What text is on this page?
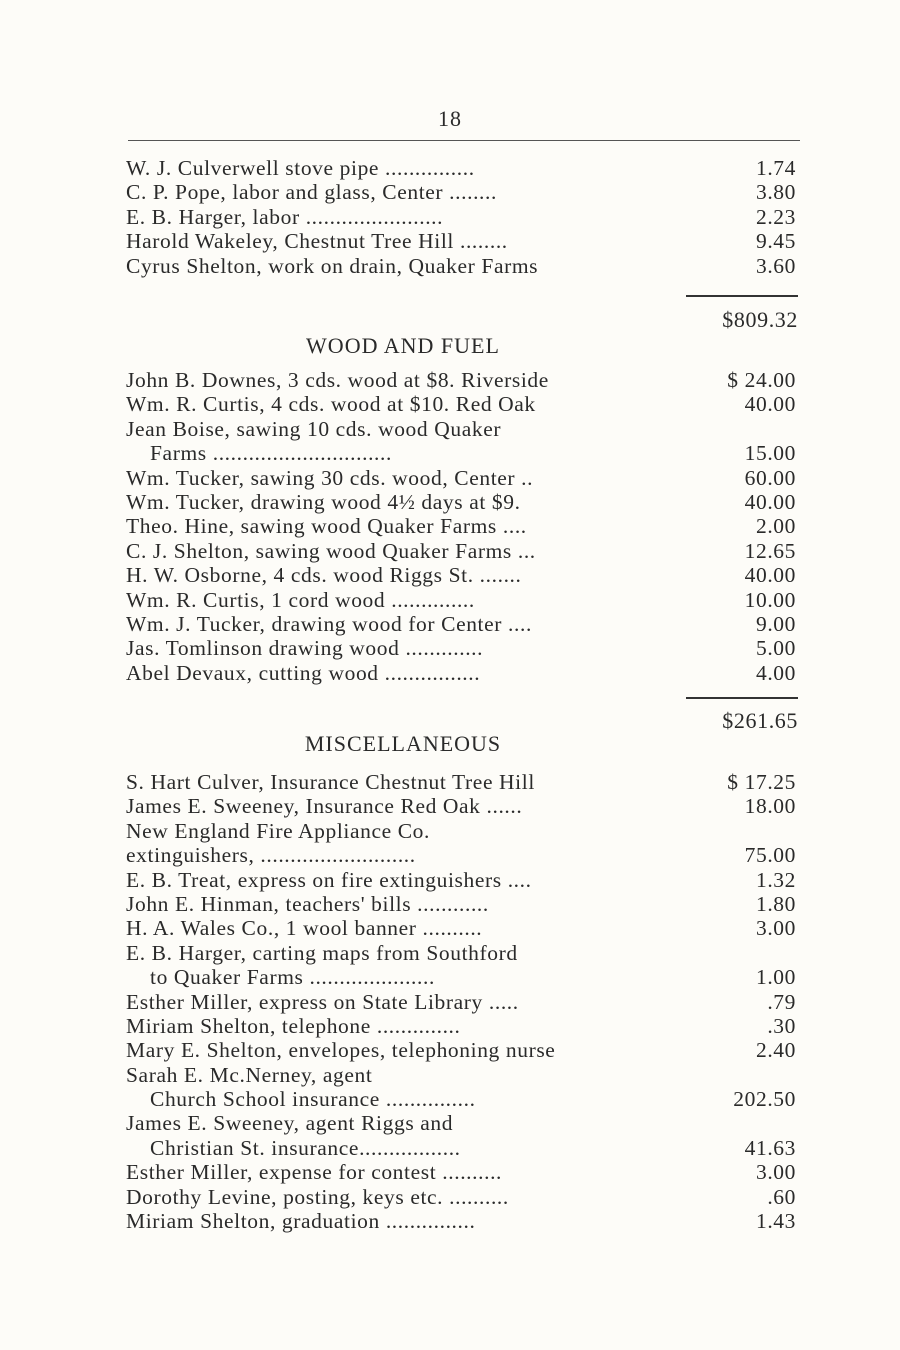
18
W. J. Culverwell stove pipe ...............	1.74
C. P. Pope, labor and glass, Center ........	3.80
E. B. Harger, labor .......................	2.23
Harold Wakeley, Chestnut Tree Hill ........	9.45
Cyrus Shelton, work on drain, Quaker Farms	3.60
$809.32
WOOD AND FUEL
John B. Downes, 3 cds. wood at $8. Riverside	$ 24.00
Wm. R. Curtis, 4 cds. wood at $10. Red Oak	40.00
Jean Boise, sawing 10 cds. wood Quaker
Farms ..............................	15.00
Wm. Tucker, sawing 30 cds. wood, Center ..	60.00
Wm. Tucker, drawing wood 4½ days at $9.	40.00
Theo. Hine, sawing wood Quaker Farms ....	2.00
C. J. Shelton, sawing wood Quaker Farms ...	12.65
H. W. Osborne, 4 cds. wood Riggs St. .......	40.00
Wm. R. Curtis, 1 cord wood ..............	10.00
Wm. J. Tucker, drawing wood for Center ....	9.00
Jas. Tomlinson drawing wood .............	5.00
Abel Devaux, cutting wood ................	4.00
$261.65
MISCELLANEOUS
S. Hart Culver, Insurance Chestnut Tree Hill	$ 17.25
James E. Sweeney, Insurance Red Oak ......	18.00
New England Fire Appliance Co.
extinguishers, ..........................	75.00
E. B. Treat, express on fire extinguishers ....	1.32
John E. Hinman, teachers' bills ............	1.80
H. A. Wales Co., 1 wool banner ..........	3.00
E. B. Harger, carting maps from Southford
to Quaker Farms .....................	1.00
Esther Miller, express on State Library .....	.79
Miriam Shelton, telephone ..............	.30
Mary E. Shelton, envelopes, telephoning nurse	2.40
Sarah E. Mc.Nerney, agent
Church School insurance ...............	202.50
James E. Sweeney, agent Riggs and
Christian St. insurance.................	41.63
Esther Miller, expense for contest ..........	3.00
Dorothy Levine, posting, keys etc. ..........	.60
Miriam Shelton, graduation ...............	1.43
